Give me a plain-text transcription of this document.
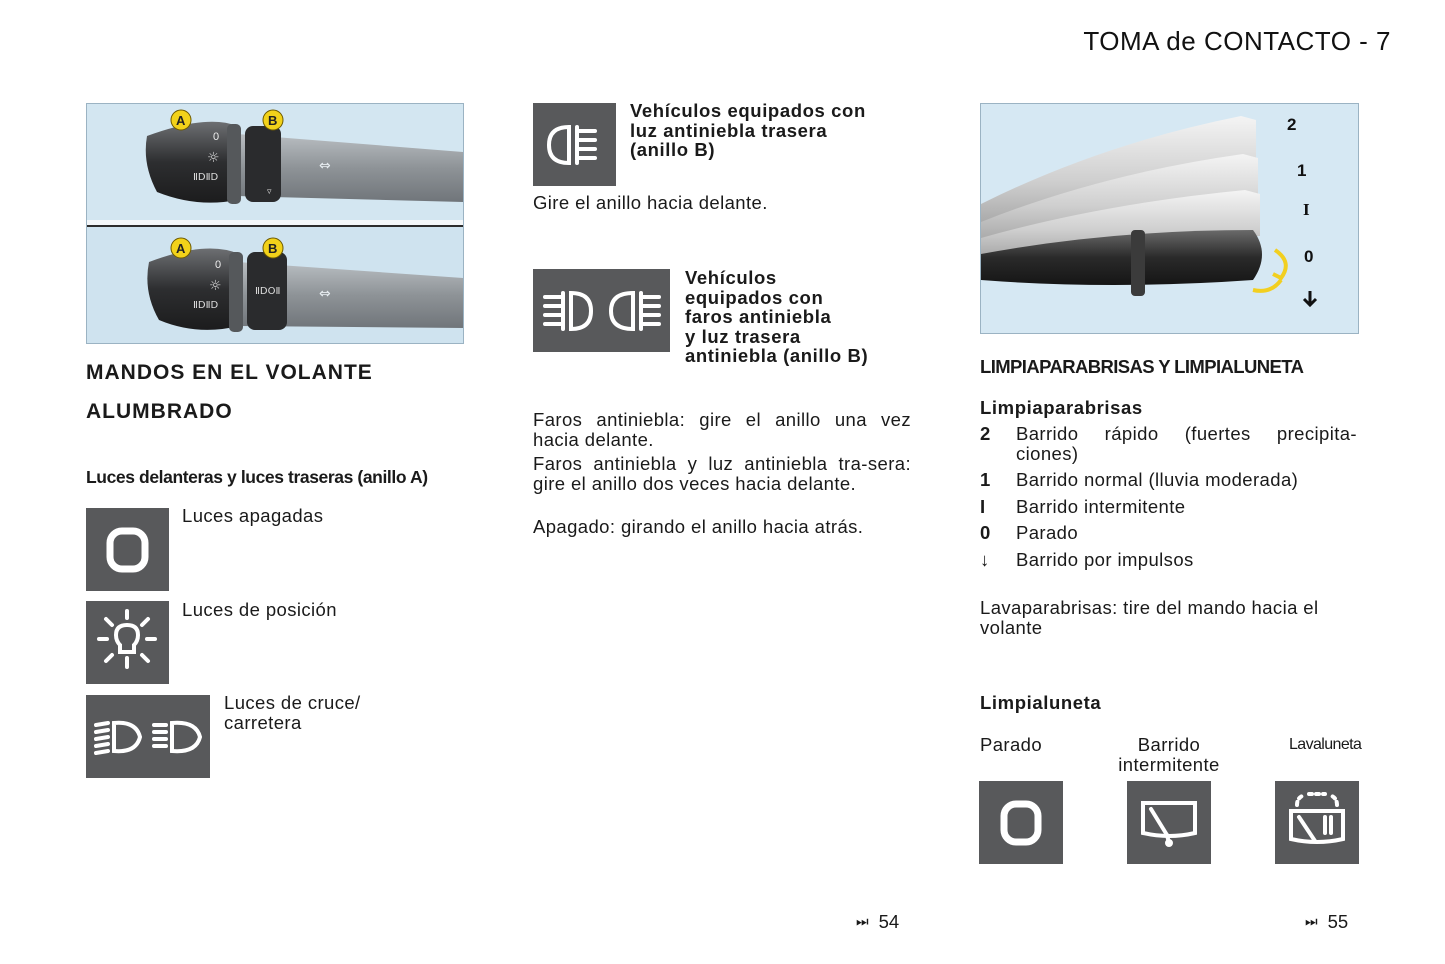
TOMA de CONTACTO - 7
▿
A	B
0
☼
ⅡDⅡD
⇔
A	B
0
☼
ⅡDⅡD
ⅡDOⅡ	⇔
MANDOS EN EL VOLANTE
ALUMBRADO
Luces delanteras y luces traseras (anillo A)
Luces apagadas
Luces de posición
Luces de cruce/
carretera
Vehículos equipados con
luz antiniebla trasera
(anillo B)
Gire el anillo hacia delante.
Vehículos
equipados con
faros antiniebla
y luz trasera
antiniebla (anillo B)
Faros antiniebla: gire el anillo una vez hacia delante.
Faros antiniebla y luz antiniebla tra-sera: gire el anillo dos veces hacia delante.
Apagado: girando el anillo hacia atrás.
2
1
I
0
LIMPIAPARABRISAS Y LIMPIALUNETA
Limpiaparabrisas
2	Barrido rápido (fuertes precipita-ciones)
1	Barrido normal (lluvia moderada)
I	Barrido intermitente
0	Parado
↓	Barrido por impulsos
Lavaparabrisas: tire del mando hacia el volante
Limpialuneta
Parado	Barrido
intermitente
Lavaluneta
⏭ 54	⏭ 55
